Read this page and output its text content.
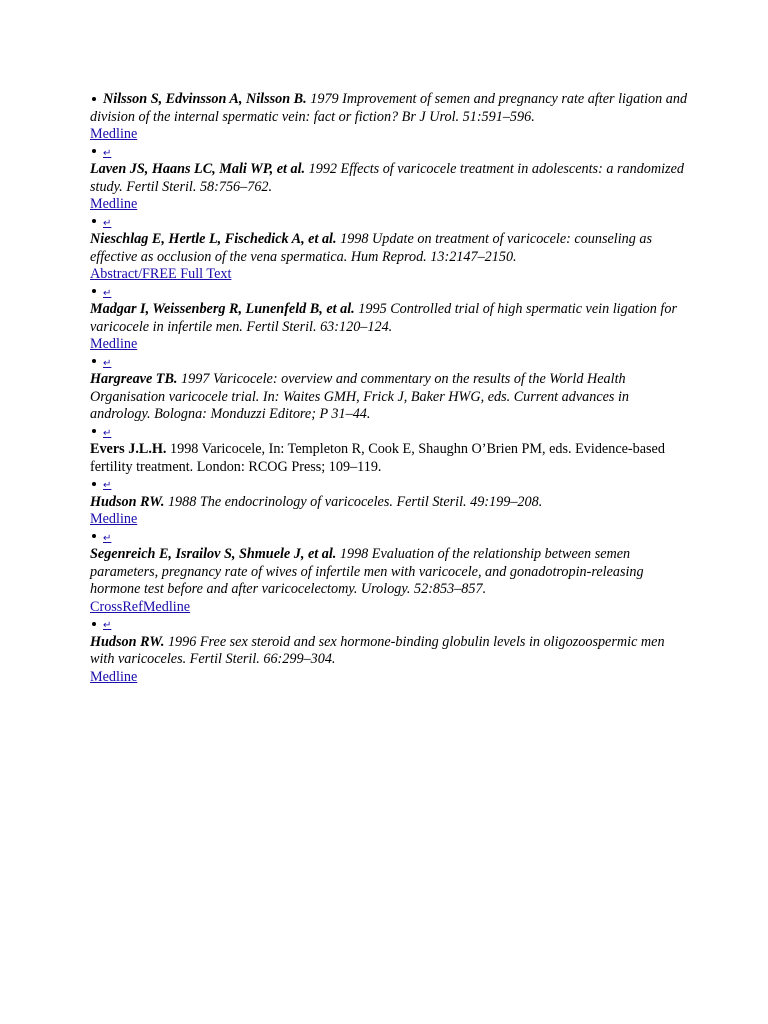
Nilsson S, Edvinsson A, Nilsson B. 1979 Improvement of semen and pregnancy rate after ligation and division of the internal spermatic vein: fact or fiction? Br J Urol. 51:591–596.
Medline
↵
Laven JS, Haans LC, Mali WP, et al. 1992 Effects of varicocele treatment in adolescents: a randomized study. Fertil Steril. 58:756–762.
Medline
↵
Nieschlag E, Hertle L, Fischedick A, et al. 1998 Update on treatment of varicocele: counseling as effective as occlusion of the vena spermatica. Hum Reprod. 13:2147–2150.
Abstract/FREE Full Text
↵
Madgar I, Weissenberg R, Lunenfeld B, et al. 1995 Controlled trial of high spermatic vein ligation for varicocele in infertile men. Fertil Steril. 63:120–124.
Medline
↵
Hargreave TB. 1997 Varicocele: overview and commentary on the results of the World Health Organisation varicocele trial. In: Waites GMH, Frick J, Baker HWG, eds. Current advances in andrology. Bologna: Monduzzi Editore; P 31–44.
↵
Evers J.L.H. 1998 Varicocele, In: Templeton R, Cook E, Shaughn O’Brien PM, eds. Evidence-based fertility treatment. London: RCOG Press; 109–119.
↵
Hudson RW. 1988 The endocrinology of varicoceles. Fertil Steril. 49:199–208.
Medline
↵
Segenreich E, Israilov S, Shmuele J, et al. 1998 Evaluation of the relationship between semen parameters, pregnancy rate of wives of infertile men with varicocele, and gonadotropin-releasing hormone test before and after varicocelectomy. Urology. 52:853–857.
CrossRefMedline
↵
Hudson RW. 1996 Free sex steroid and sex hormone-binding globulin levels in oligozoospermic men with varicoceles. Fertil Steril. 66:299–304.
Medline
